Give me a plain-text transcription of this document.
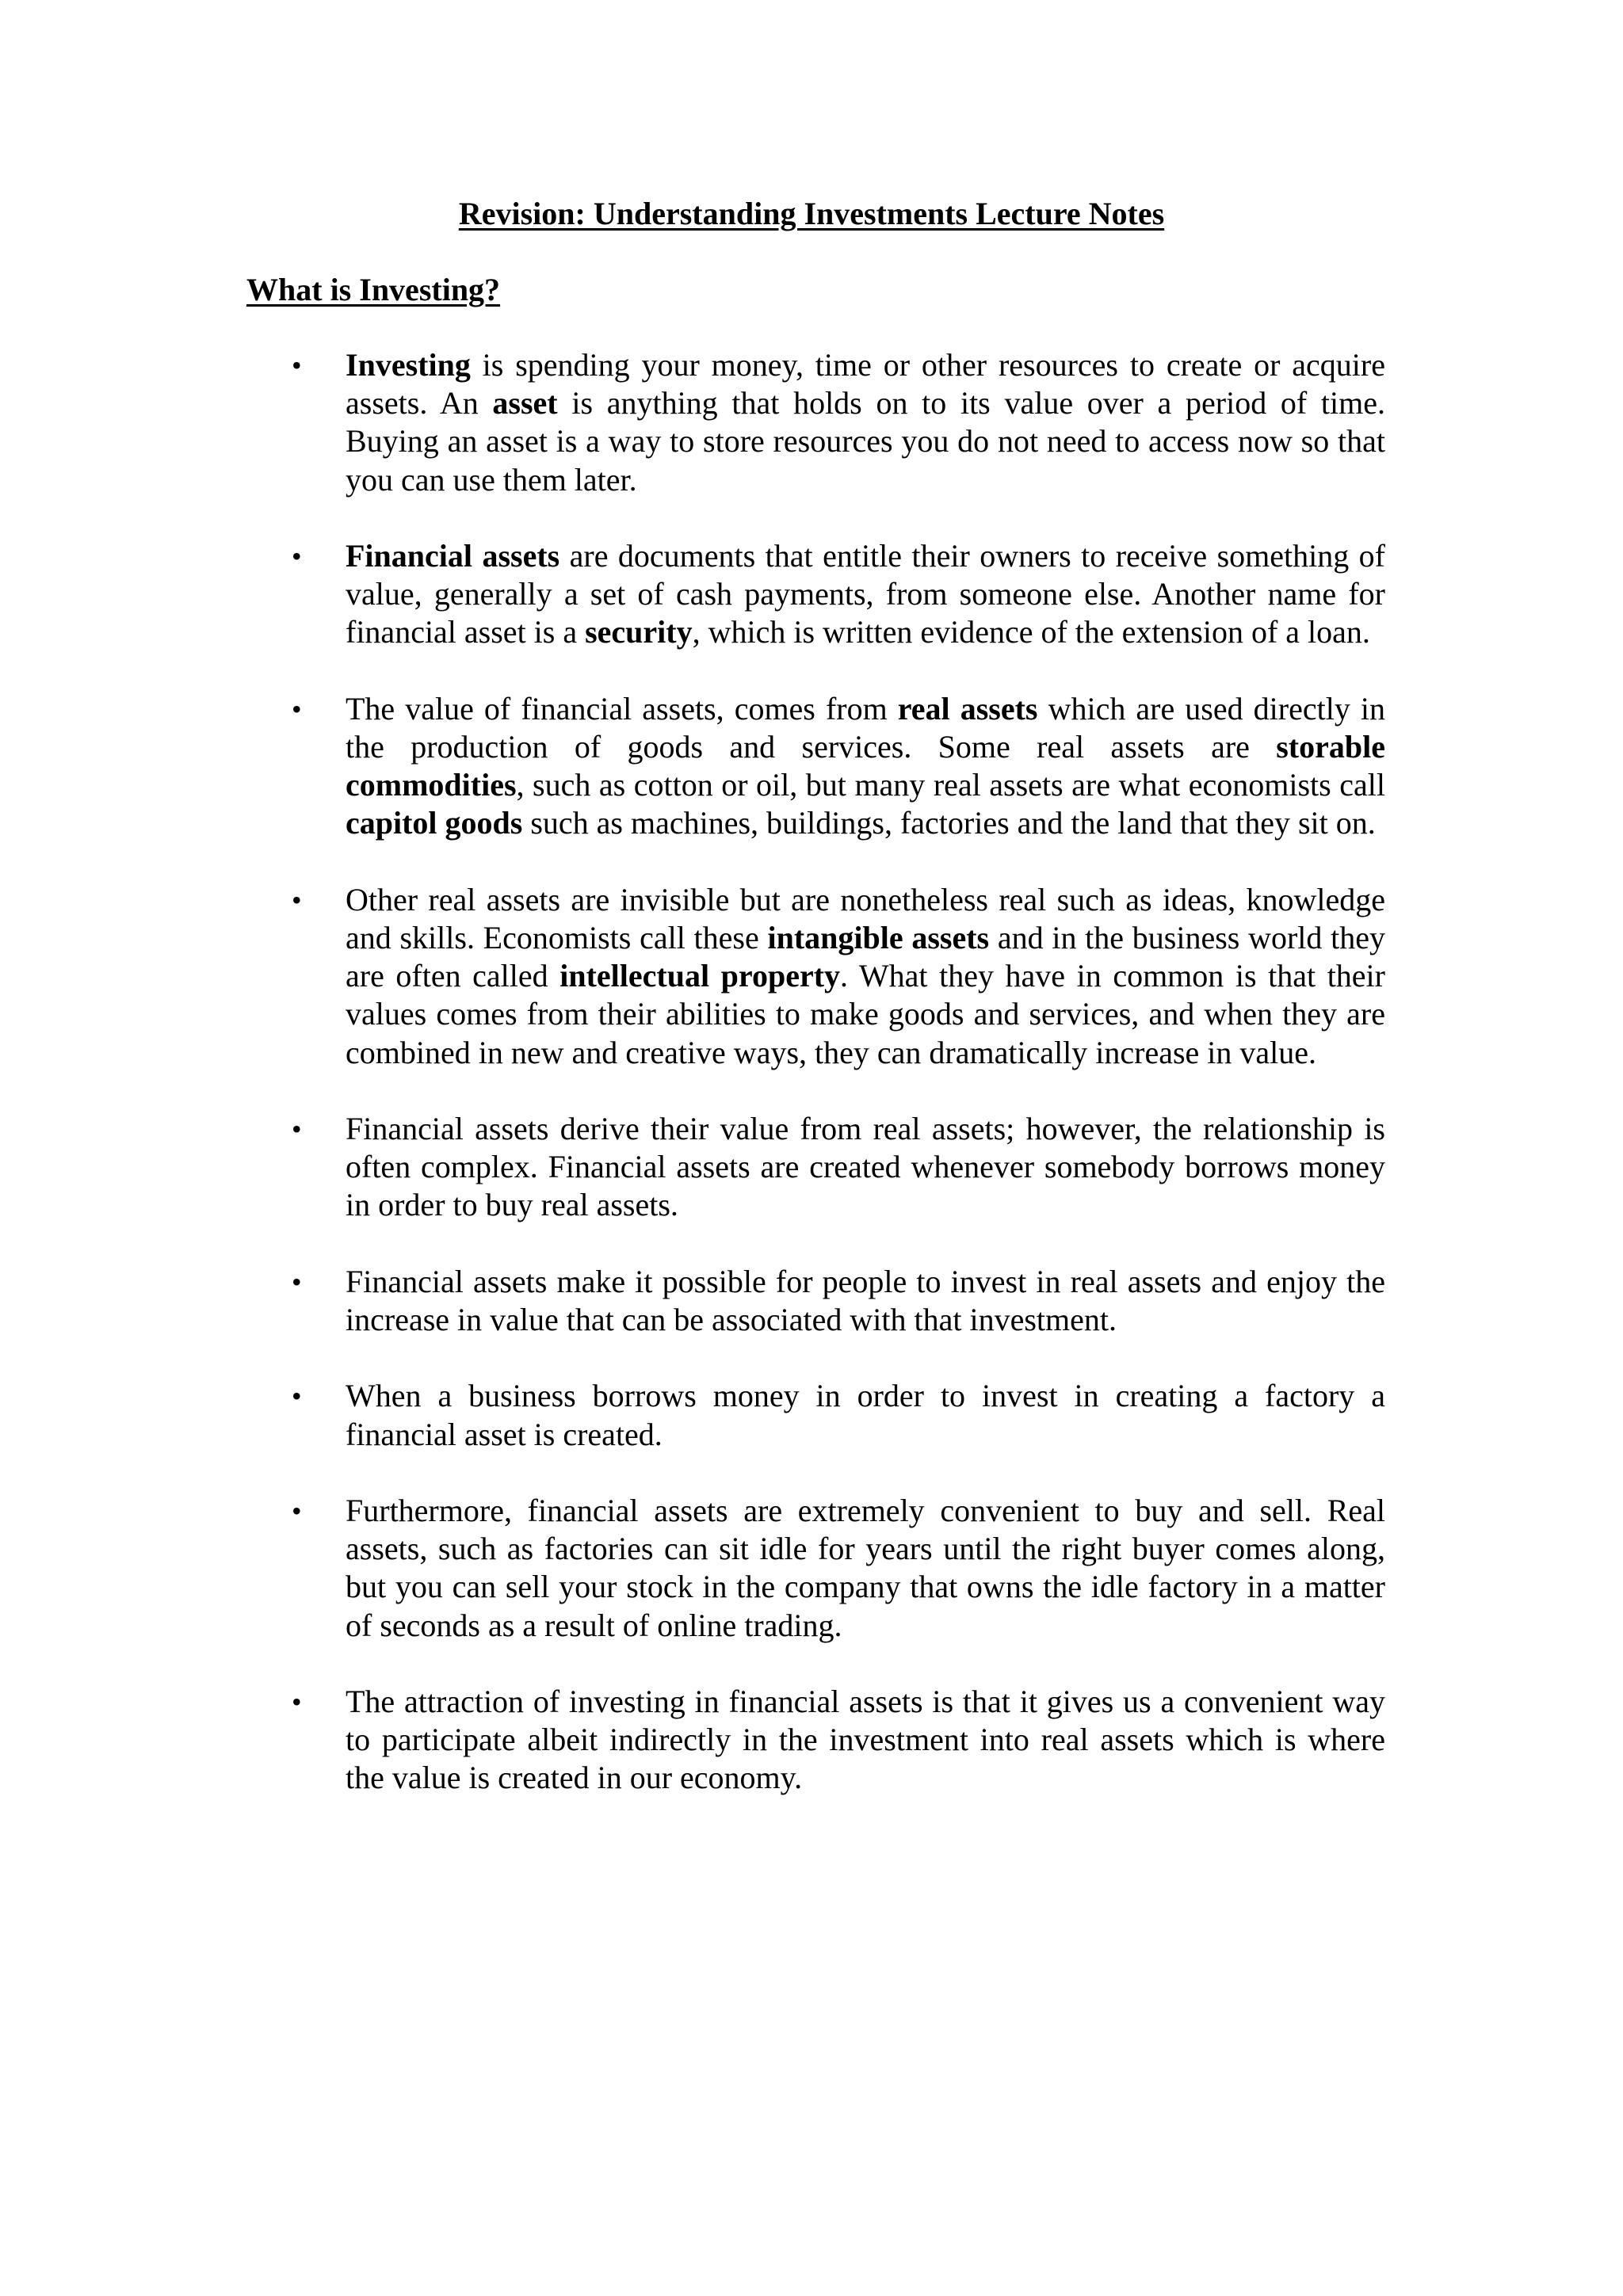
Revision: Understanding Investments Lecture Notes
What is Investing?
• Investing is spending your money, time or other resources to create or acquire assets. An asset is anything that holds on to its value over a period of time. Buying an asset is a way to store resources you do not need to access now so that you can use them later.
• Financial assets are documents that entitle their owners to receive something of value, generally a set of cash payments, from someone else. Another name for financial asset is a security, which is written evidence of the extension of a loan.
• The value of financial assets, comes from real assets which are used directly in the production of goods and services. Some real assets are storable commodities, such as cotton or oil, but many real assets are what economists call capitol goods such as machines, buildings, factories and the land that they sit on.
• Other real assets are invisible but are nonetheless real such as ideas, knowledge and skills. Economists call these intangible assets and in the business world they are often called intellectual property. What they have in common is that their values comes from their abilities to make goods and services, and when they are combined in new and creative ways, they can dramatically increase in value.
• Financial assets derive their value from real assets; however, the relationship is often complex. Financial assets are created whenever somebody borrows money in order to buy real assets.
• Financial assets make it possible for people to invest in real assets and enjoy the increase in value that can be associated with that investment.
• When a business borrows money in order to invest in creating a factory a financial asset is created.
• Furthermore, financial assets are extremely convenient to buy and sell. Real assets, such as factories can sit idle for years until the right buyer comes along, but you can sell your stock in the company that owns the idle factory in a matter of seconds as a result of online trading.
• The attraction of investing in financial assets is that it gives us a convenient way to participate albeit indirectly in the investment into real assets which is where the value is created in our economy.
